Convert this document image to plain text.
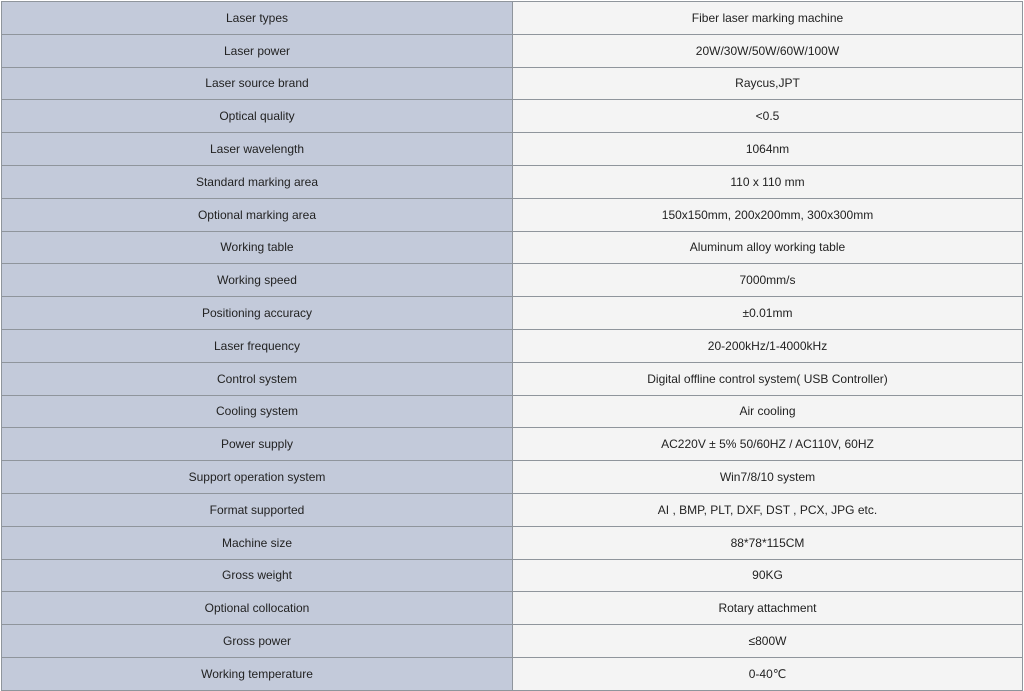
Laser types	Fiber laser marking machine
Laser power	20W/30W/50W/60W/100W
Laser source brand	Raycus,JPT
Optical quality	<0.5
Laser wavelength	1064nm
Standard marking area	110 x 110 mm
Optional marking area	150x150mm, 200x200mm, 300x300mm
Working table	Aluminum alloy working table
Working speed	7000mm/s
Positioning accuracy	±0.01mm
Laser frequency	20-200kHz/1-4000kHz
Control system	Digital offline control system( USB Controller)
Cooling system	Air cooling
Power supply	AC220V ± 5% 50/60HZ / AC110V, 60HZ
Support operation system	Win7/8/10 system
Format supported	AI , BMP, PLT, DXF, DST , PCX, JPG etc.
Machine size	88*78*115CM
Gross weight	90KG
Optional collocation	Rotary attachment
Gross power	≤800W
Working temperature	0-40℃
